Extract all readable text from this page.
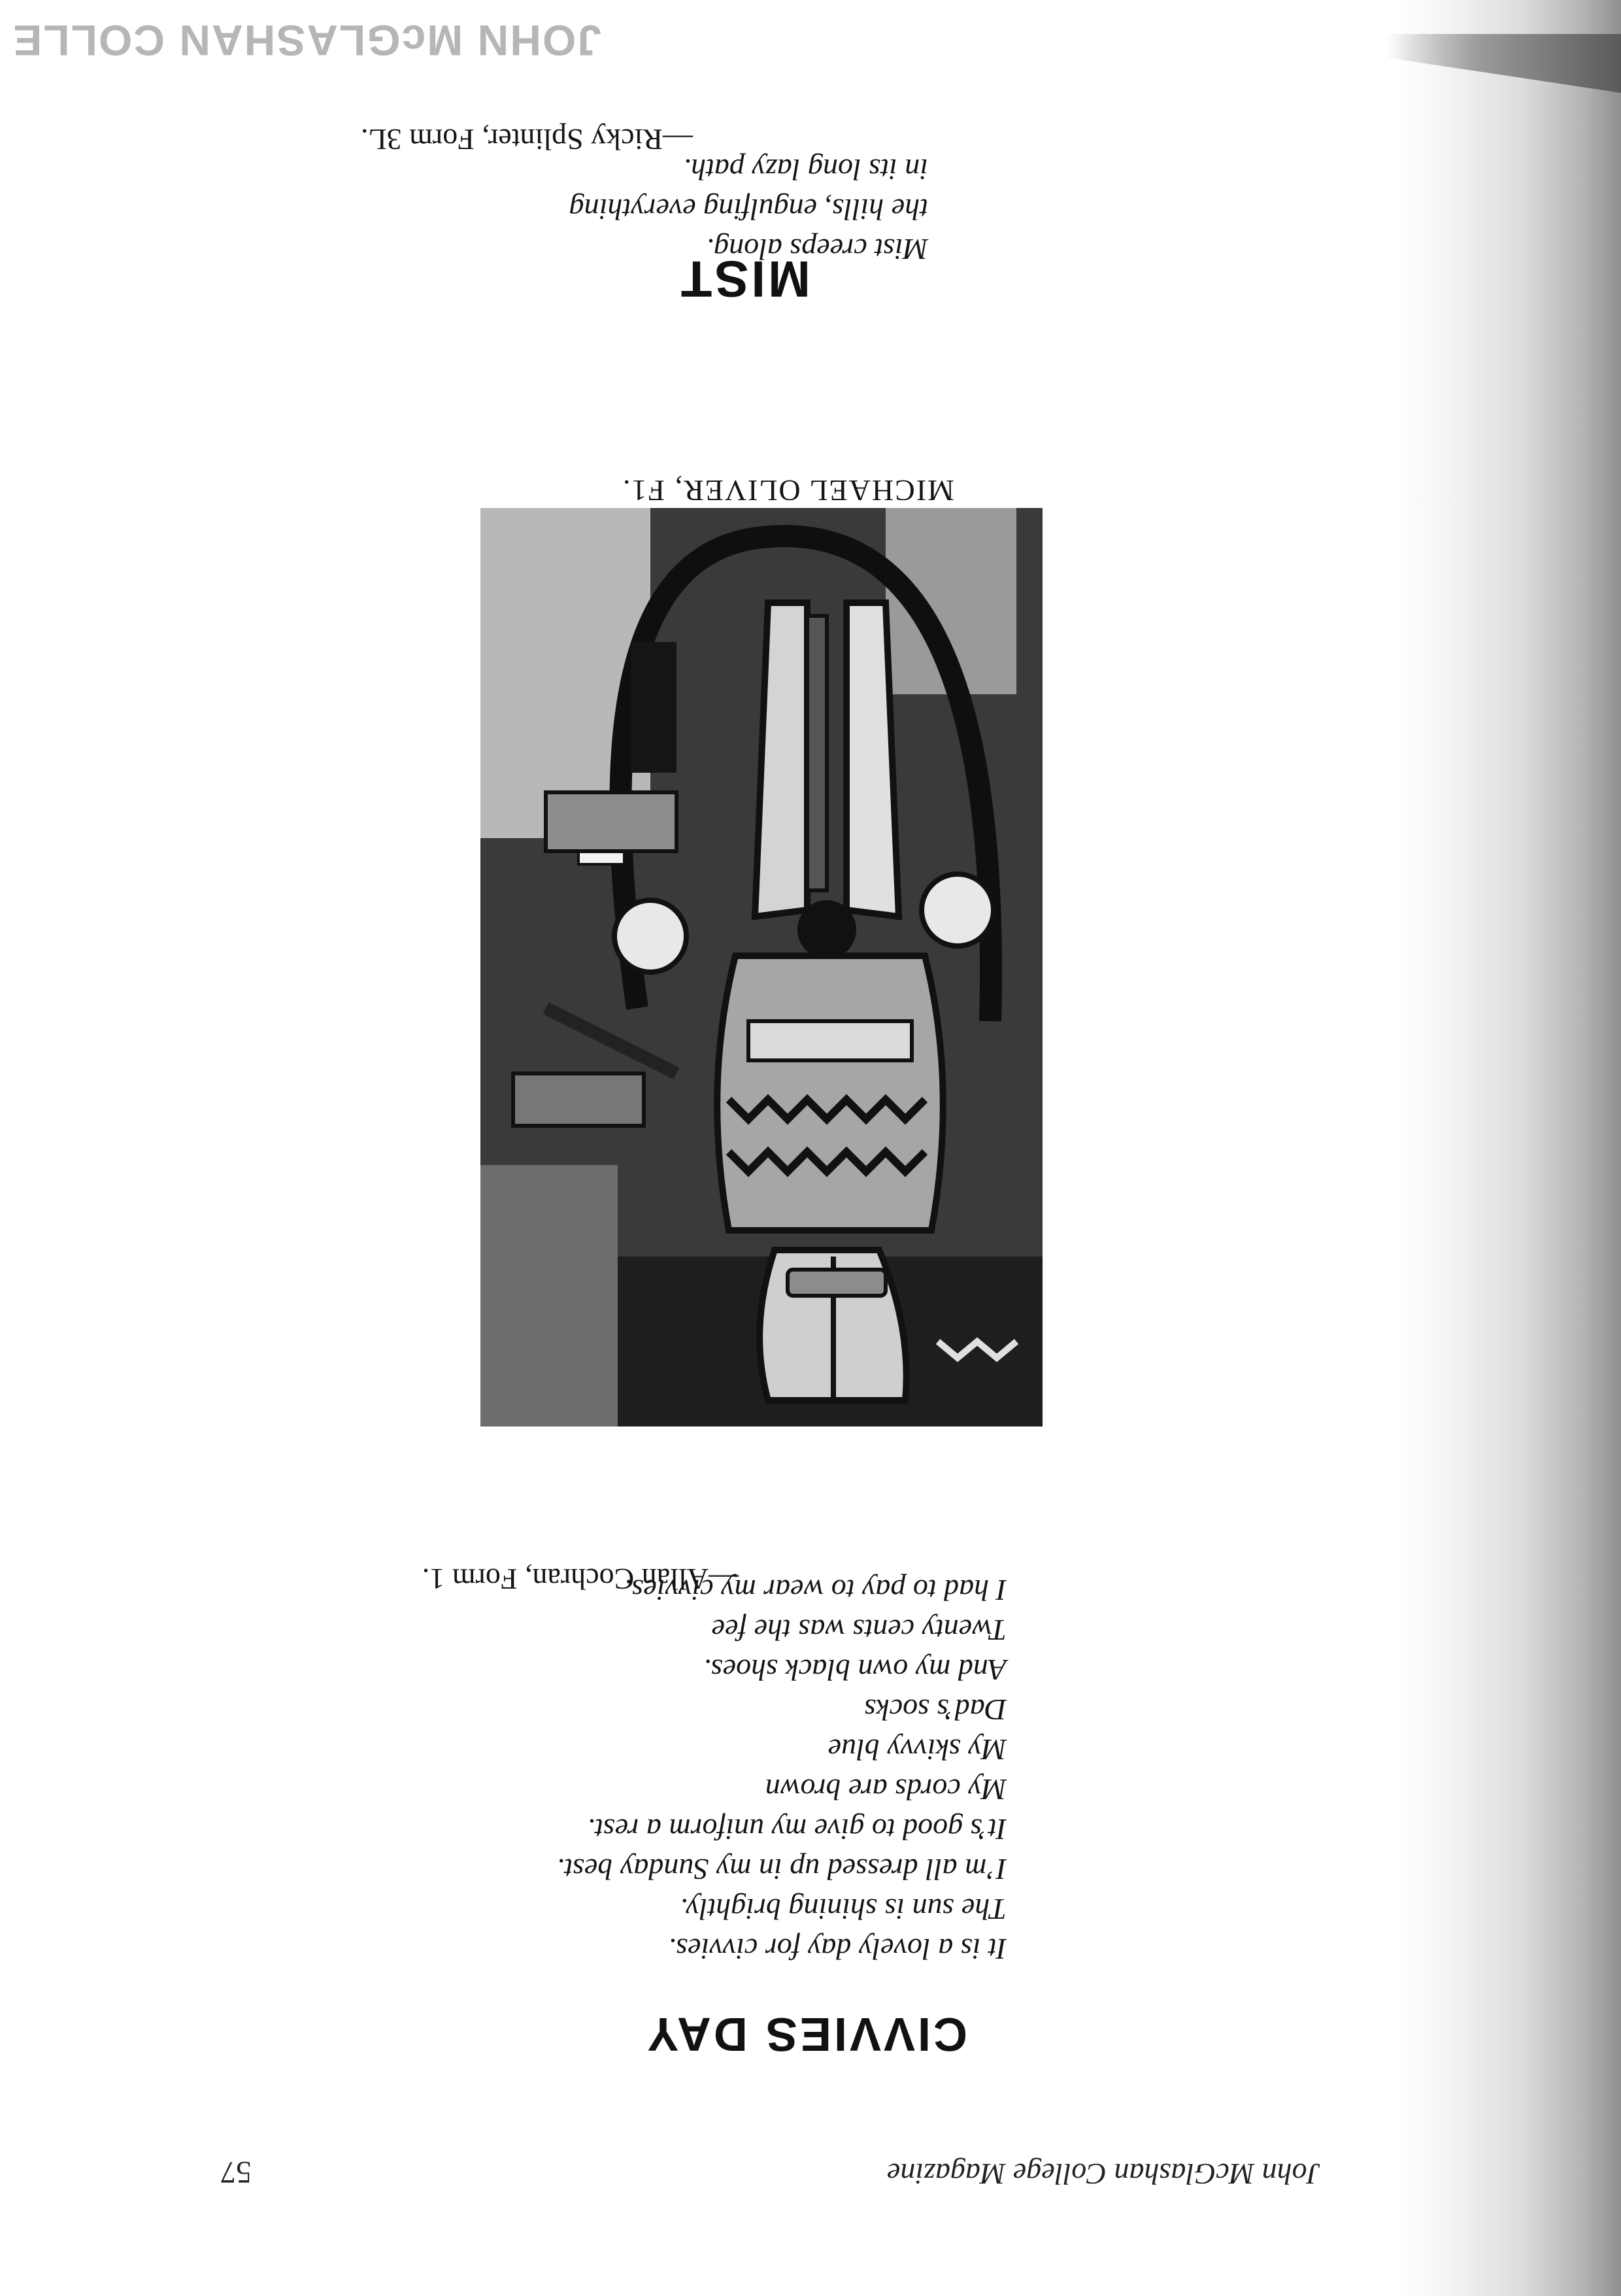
JOHN McGLASHAN COLLE
John McGlashan College Magazine
57
CIVVIES DAY
It is a lovely day for civvies.
The sun is shining brightly.
I’m all dressed up in my Sunday best.
It’s good to give my uniform a rest.
My cords are brown
My skivvy blue
Dad’s socks
And my own black shoes.
Twenty cents was the fee
I had to pay to wear my civvies.
—Allan Cochran, Form 1.
MICHAEL OLIVER, F1.
MIST
Mist creeps along.
the hills, engulfing everything
in its long lazy path.
—Ricky Splinter, Form 3L.
